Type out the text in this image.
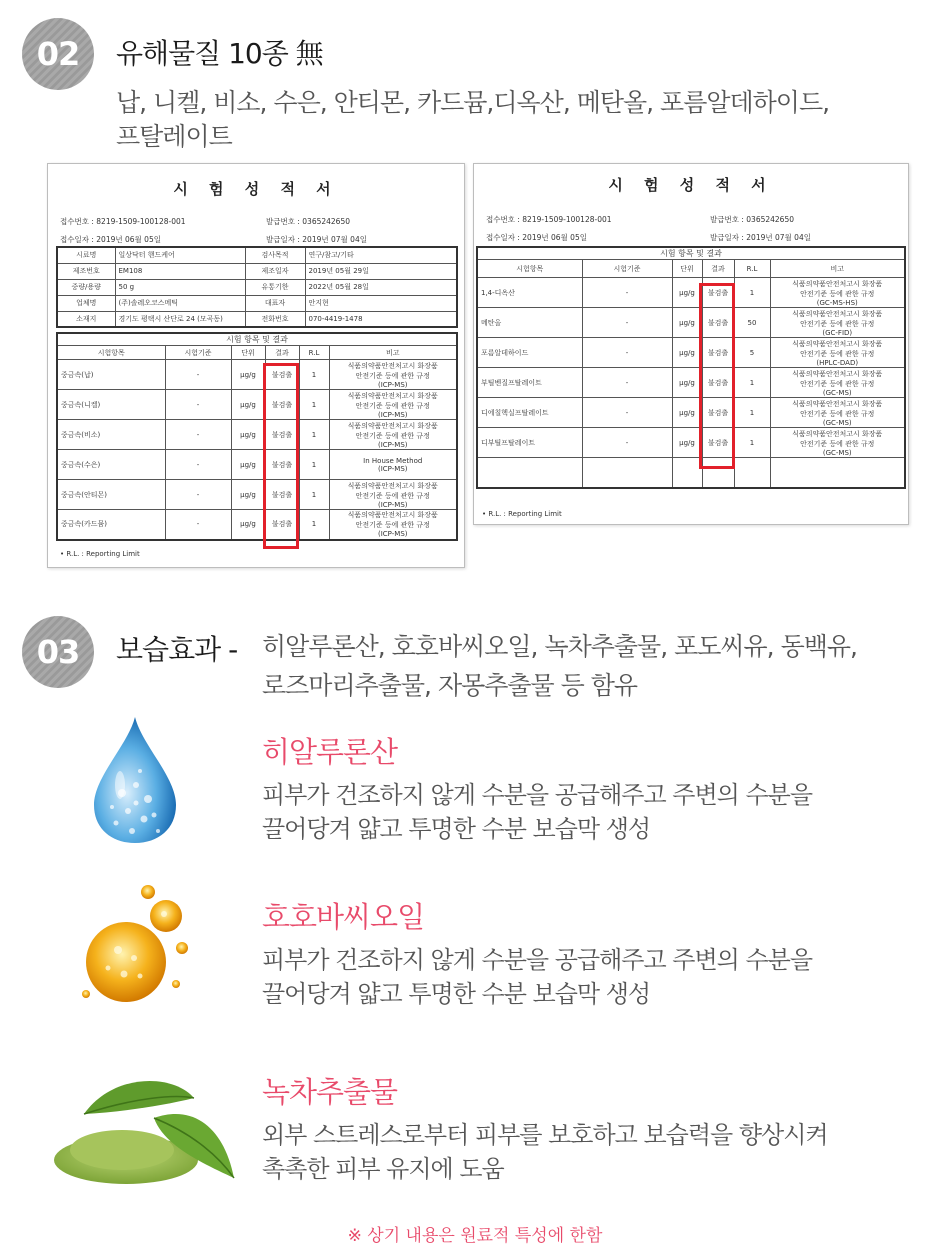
02	유해물질 10종 無
납, 니켈, 비소, 수은, 안티몬, 카드뮴,디옥산, 메탄올, 포름알데하이드,
프탈레이트
시 험 성 적 서
접수번호 : 8219-1509-100128-001	발급번호 : 0365242650
접수일자 : 2019년 06월 05일	발급일자 : 2019년 07월 04일
시료명	일상닥터 핸드케어	검사목적	연구/참고/기타
제조번호	EM108	제조일자	2019년 05월 29일
중량/용량	50 g	유통기한	2022년 05월 28일
업체명	(주)솔레오코스메틱	대표자	안지현
소재지	경기도 평택시 산단로 24 (모곡동)	전화번호	070-4419-1478
시험 항목 및 결과					
시험항목	시험기준	단위	결과	R.L	비고
중금속(납)	-	µg/g	불검출	1	식품의약품안전처고시 화장품
안전기준 등에 관한 규정
(ICP-MS)

중금속(니켈)	-	µg/g	불검출	1	식품의약품안전처고시 화장품
안전기준 등에 관한 규정
(ICP-MS)

중금속(비소)	-	µg/g	불검출	1	식품의약품안전처고시 화장품
안전기준 등에 관한 규정
(ICP-MS)

중금속(수은)	-	µg/g	불검출	1	In House Method
(ICP-MS)

중금속(안티몬)	-	µg/g	불검출	1	식품의약품안전처고시 화장품
안전기준 등에 관한 규정
(ICP-MS)

중금속(카드뮴)	-	µg/g	불검출	1	식품의약품안전처고시 화장품
안전기준 등에 관한 규정
(ICP-MS)
• R.L. : Reporting Limit
시 험 성 적 서
접수번호 : 8219-1509-100128-001	발급번호 : 0365242650
접수일자 : 2019년 06월 05일	발급일자 : 2019년 07월 04일
시험 항목 및 결과					
시험항목	시험기준	단위	결과	R.L	비고
1,4-디옥산	-	µg/g	불검출	1	식품의약품안전처고시 화장품
안전기준 등에 관한 규정
(GC-MS-HS)

메탄올	-	µg/g	불검출	50	식품의약품안전처고시 화장품
안전기준 등에 관한 규정
(GC-FID)

포름알데하이드	-	µg/g	불검출	5	식품의약품안전처고시 화장품
안전기준 등에 관한 규정
(HPLC-DAD)

부틸벤질프탈레이트	-	µg/g	불검출	1	식품의약품안전처고시 화장품
안전기준 등에 관한 규정
(GC-MS)

디에칠헥실프탈레이트	-	µg/g	불검출	1	식품의약품안전처고시 화장품
안전기준 등에 관한 규정
(GC-MS)

디부틸프탈레이트	-	µg/g	불검출	1	식품의약품안전처고시 화장품
안전기준 등에 관한 규정
(GC-MS)

• R.L. : Reporting Limit
03	보습효과 - 히알루론산, 호호바씨오일, 녹차추출물, 포도씨유, 동백유,
로즈마리추출물, 자몽추출물 등 함유
히알루론산
피부가 건조하지 않게 수분을 공급해주고 주변의 수분을
끌어당겨 얇고 투명한 수분 보습막 생성
호호바씨오일
피부가 건조하지 않게 수분을 공급해주고 주변의 수분을
끌어당겨 얇고 투명한 수분 보습막 생성
녹차추출물
외부 스트레스로부터 피부를 보호하고 보습력을 향상시켜
촉촉한 피부 유지에 도움
※ 상기 내용은 원료적 특성에 한함
